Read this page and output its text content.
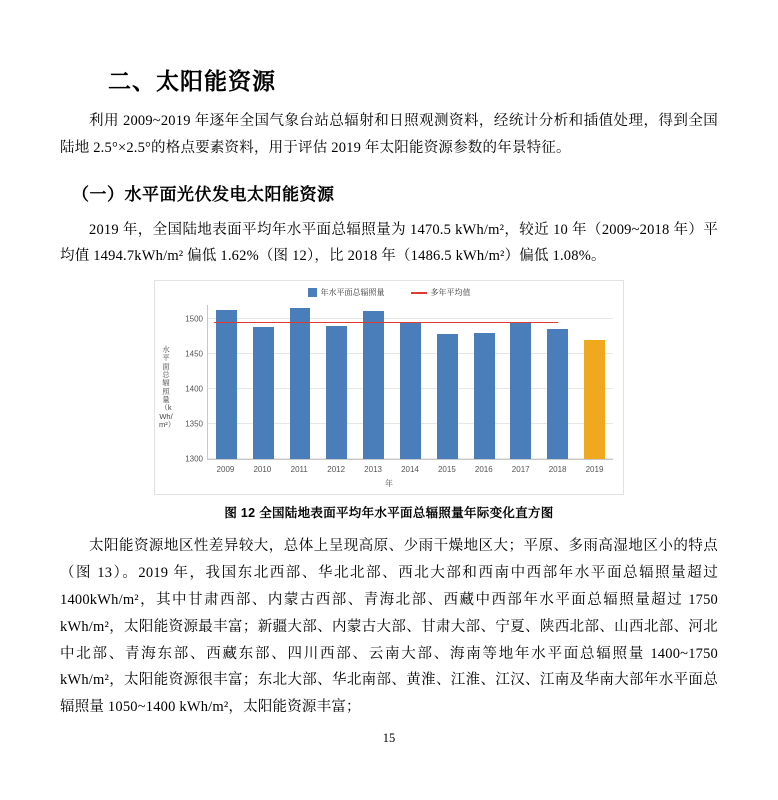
二、太阳能资源

利用 2009~2019 年逐年全国气象台站总辐射和日照观测资料，经统计分析和插值处理，得到全国陆地 2.5°×2.5°的格点要素资料，用于评估 2019 年太阳能资源参数的年景特征。

（一）水平面光伏发电太阳能资源

2019 年，全国陆地表面平均年水平面总辐照量为 1470.5 kWh/m²，较近 10 年（2009~2018 年）平均值 1494.7kWh/m² 偏低 1.62%（图 12），比 2018 年（1486.5 kWh/m²）偏低 1.08%。

年水平面总辐照量	多年平均值
水平面总辐照量（kWh/m²）
1300
1350
1400
1450
1500
2009	2010	2011	2012	2013	2014	2015	2016	2017	2018	2019
年
图 12 全国陆地表面平均年水平面总辐照量年际变化直方图

太阳能资源地区性差异较大，总体上呈现高原、少雨干燥地区大；平原、多雨高湿地区小的特点（图 13）。2019 年，我国东北西部、华北北部、西北大部和西南中西部年水平面总辐照量超过 1400kWh/m²，其中甘肃西部、内蒙古西部、青海北部、西藏中西部年水平面总辐照量超过 1750 kWh/m²，太阳能资源最丰富；新疆大部、内蒙古大部、甘肃大部、宁夏、陕西北部、山西北部、河北中北部、青海东部、西藏东部、四川西部、云南大部、海南等地年水平面总辐照量 1400~1750 kWh/m²，太阳能资源很丰富；东北大部、华北南部、黄淮、江淮、江汉、江南及华南大部年水平面总辐照量 1050~1400 kWh/m²，太阳能资源丰富；

15
